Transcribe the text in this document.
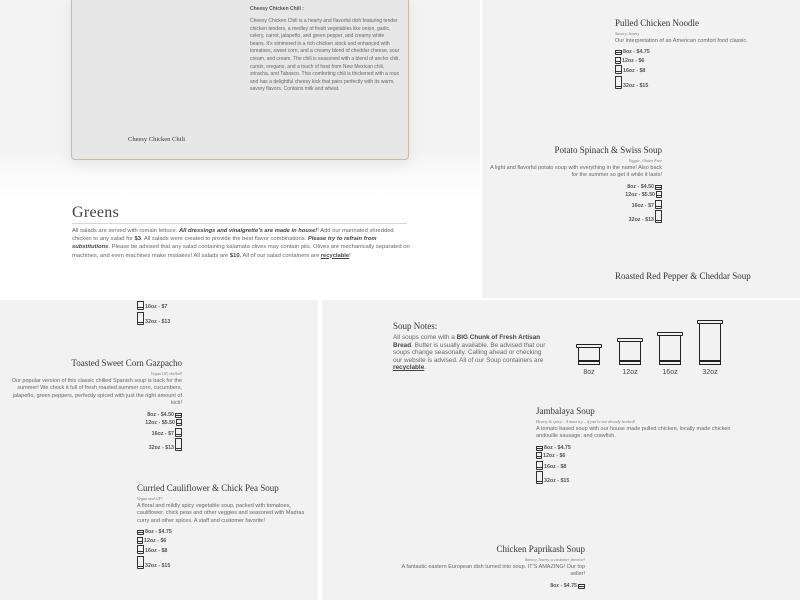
Cheesy Chicken Chili :
Cheesy Chicken Chili is a hearty and flavorful dish featuring tender chicken tenders, a medley of fresh vegetables like onion, garlic, celery, carrot, jalapeño, and green pepper, and creamy white beans. It's simmered in a rich chicken stock and enhanced with tomatoes, sweet corn, and a creamy blend of cheddar cheese, sour cream, and cream. The chili is seasoned with a blend of ancho chili, cumin, oregano, and a touch of heat from New Mexican chili, sriracha, and Tabasco. This comforting chili is thickened with a roux and has a delightful cheesy kick that pairs perfectly with its warm, savory flavors. Contains milk and wheat.
Cheesy Chicken Chili
Greens
All salads are served with romain lettuce. All dressings and vinaigrette's are made in house!! Add our marinated shredded chicken to any salad for $3. All salads were created to provide the best flavor combinations. Please try to refrain from substitutions. Please be advised that any salad containing kalamata olives may contain pits. Olives are mechanically separated on machines, and even machines make mistakes! All salads are $10. All of our salad containers are recyclable!
Pulled Chicken Noodle
Savory, hearty
Our interpretation of an American comfort food classic.
8oz - $4.75
12oz - $6
16oz - $8
32oz - $15
Potato Spinach & Swiss Soup
Veggie, Gluten Free
A light and flavorful potato soup with everything in the name! Also back for the summer so get it while it lasts!
8oz - $4.50
12oz - $5.50
16oz - $7
32oz - $13
Roasted Red Pepper & Cheddar Soup
16oz - $7
32oz - $13
Toasted Sweet Corn Gazpacho
Vegan GF, chilled!
Our popular version of this classic chilled Spanish soup is back for the summer! We chock it full of fresh roasted summer corn, cucumbers, jalapeño, green peppers, perfectly spiced with just the right amount of kick!
8oz - $4.50
12oz - $5.50
16oz - $7
32oz - $13
Curried Cauliflower & Chick Pea Soup
Vegan and GF!
A floral and mildly spicy vegetable soup, packed with tomatoes, cauliflower, chick peas and other veggies and seasoned with Madras curry and other spices. A staff and customer favorite!
8oz - $4.75
12oz - $6
16oz - $8
32oz - $15
Soup Notes:
All soups come with a BIG Chunk of Fresh Artisan Bread. Butter is usually available. Be advised that our soups change seasonally. Calling ahead or checking our website is advised. All of our Soup containers are recyclable.
8oz	12oz	16oz	32oz
Jambalaya Soup
Hearty & spicy... A must try – if you're not already hooked!
A tomato based soup with our house made pulled chicken, locally made chicken andouille sausage, and crawfish.
8oz - $4.75
12oz - $6
16oz - $8
32oz - $15
Chicken Paprikash Soup
Savory, hearty, a customer favorite!
A fantastic eastern European dish turned into soup. IT'S AMAZING! Our top seller!
8oz - $4.75
